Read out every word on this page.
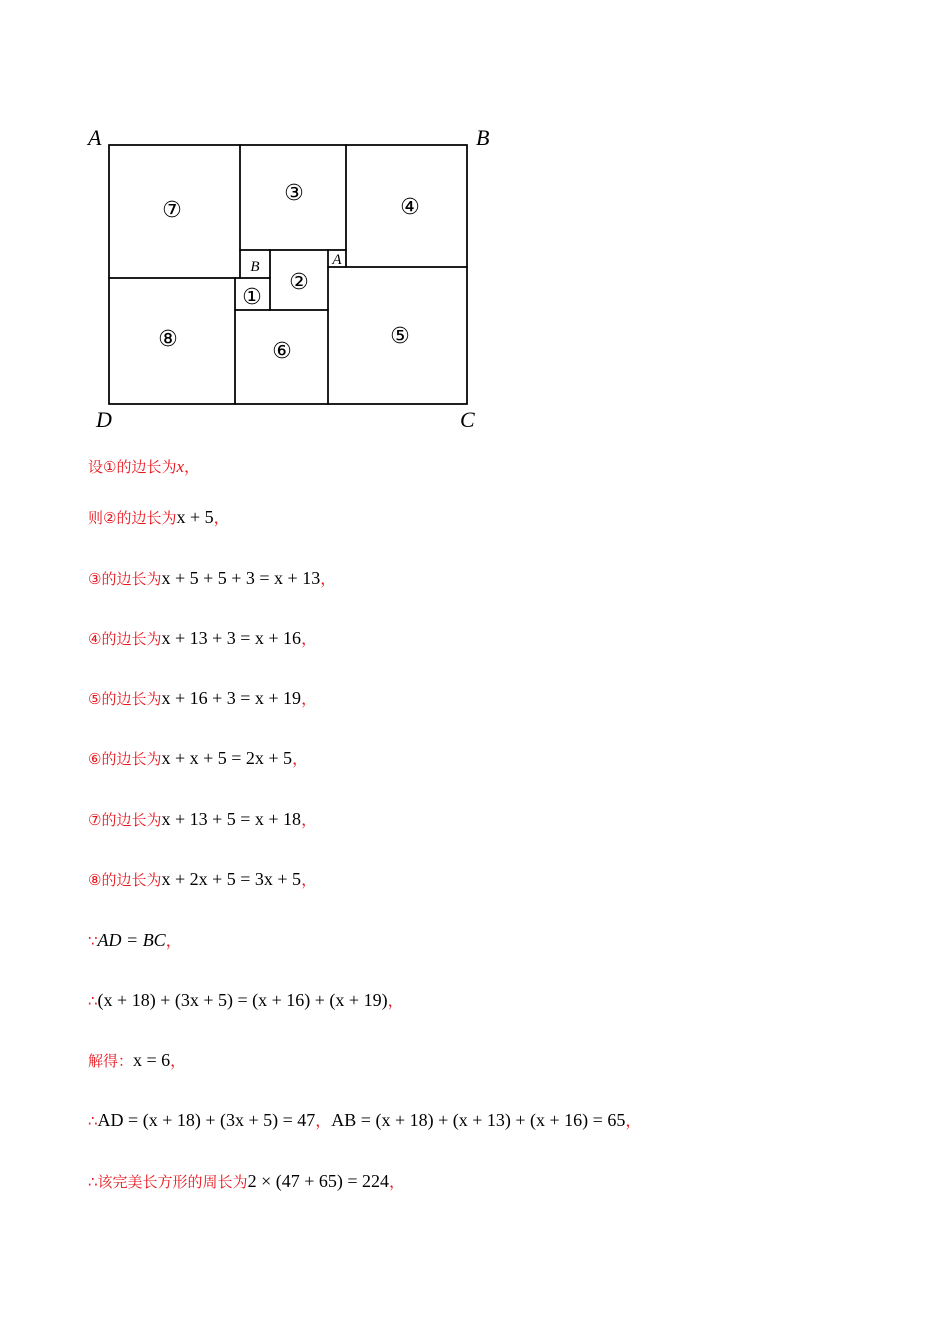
A	B
C
D
⑦
③
④
⑧	⑥
⑤
②
①
B	A
设①的边长为x，
则②的边长为x + 5，
③的边长为x + 5 + 5 + 3 = x + 13，
④的边长为x + 13 + 3 = x + 16，
⑤的边长为x + 16 + 3 = x + 19，
⑥的边长为x + x + 5 = 2x + 5，
⑦的边长为x + 13 + 5 = x + 18，
⑧的边长为x + 2x + 5 = 3x + 5，
∵AD = BC，
∴(x + 18) + (3x + 5) = (x + 16) + (x + 19)，
解得：x = 6，
∴AD = (x + 18) + (3x + 5) = 47，AB = (x + 18) + (x + 13) + (x + 16) = 65，
∴该完美长方形的周长为2 × (47 + 65) = 224，
